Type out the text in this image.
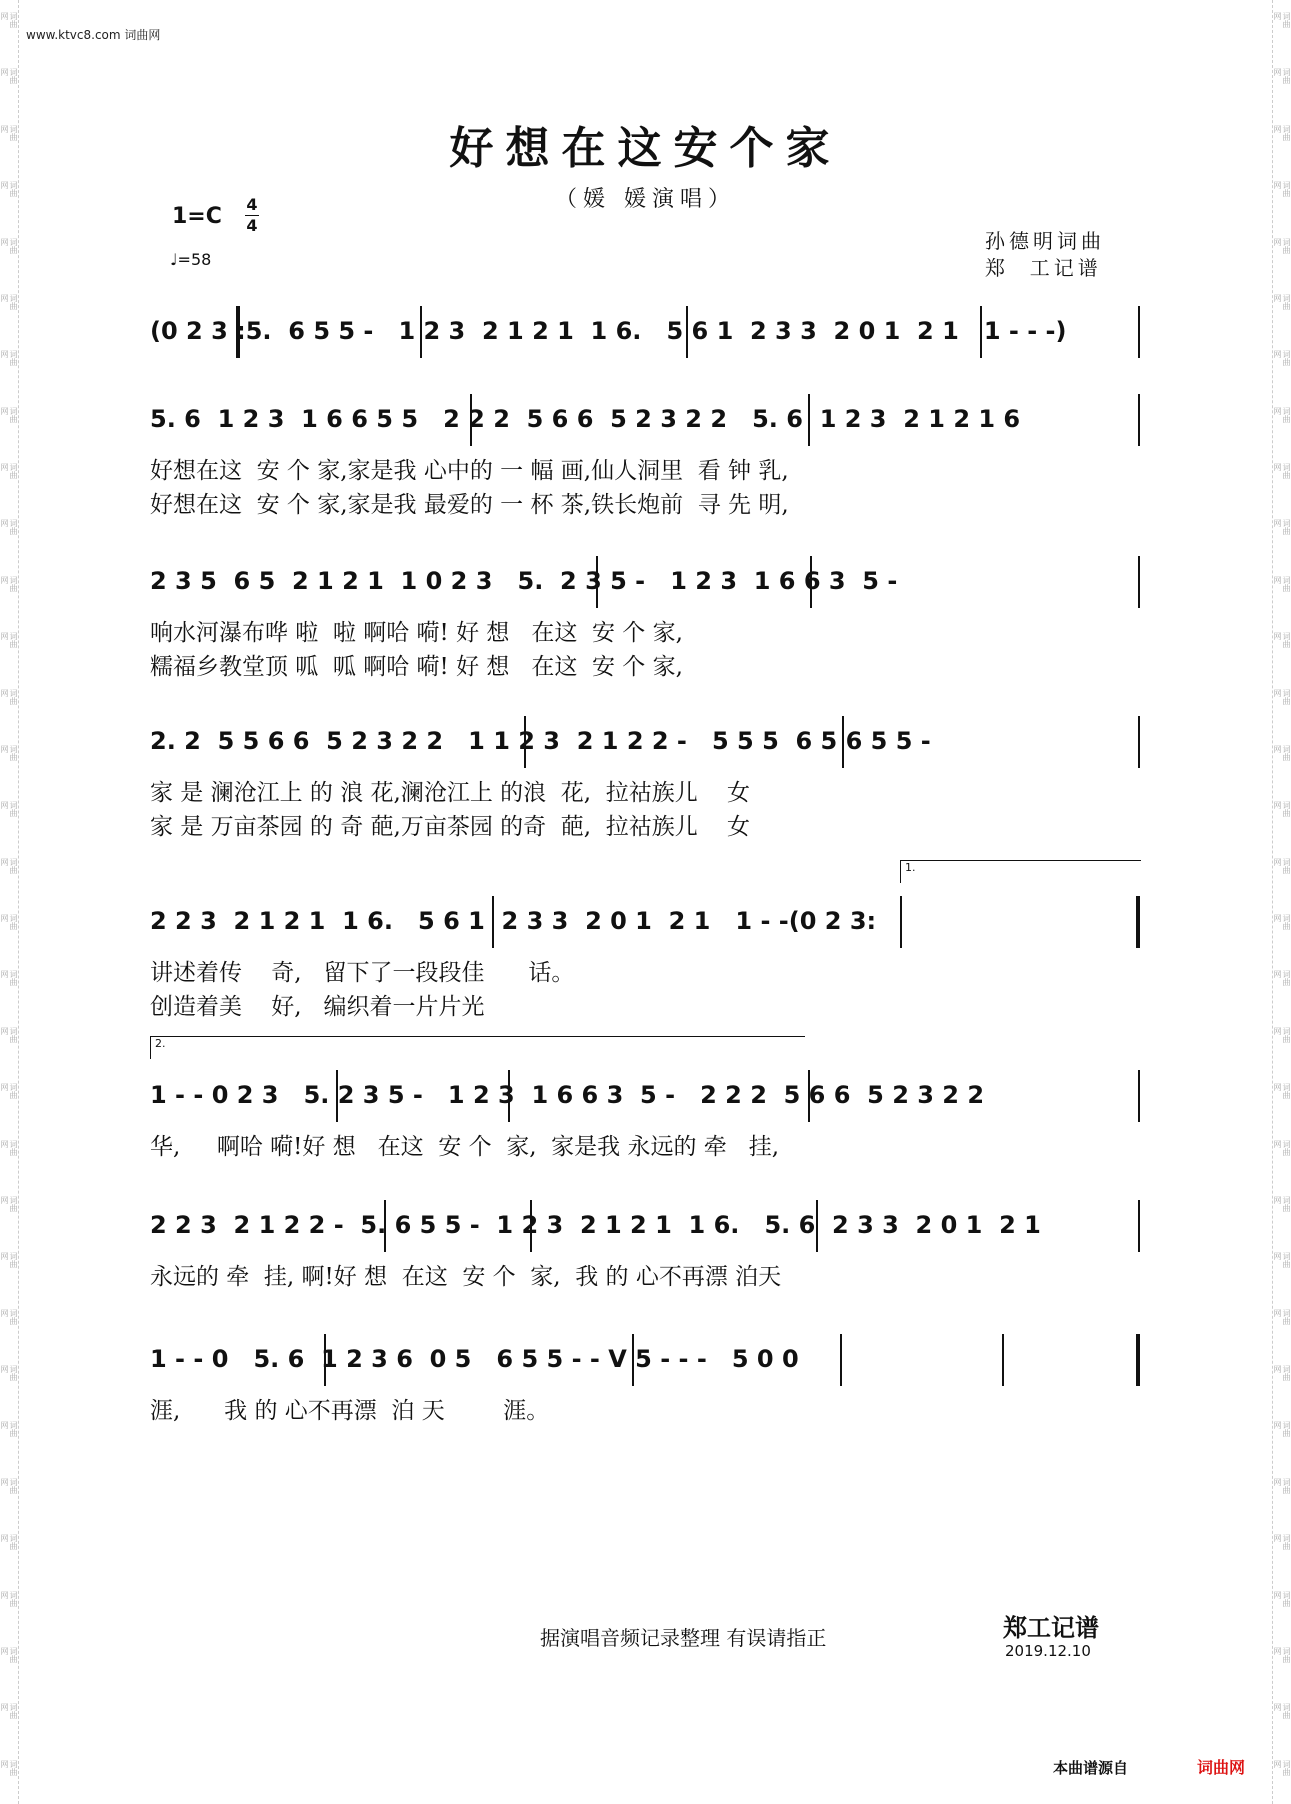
词曲网
词曲网
词曲网
词曲网
词曲网
词曲网
词曲网
词曲网
词曲网
词曲网
词曲网
词曲网
词曲网
词曲网
词曲网
词曲网
词曲网
词曲网
词曲网
词曲网
词曲网
词曲网
词曲网
词曲网
词曲网
词曲网
词曲网
词曲网
词曲网
词曲网
词曲网
词曲网
词曲网
词曲网
词曲网
词曲网
词曲网
词曲网
词曲网
词曲网
词曲网
词曲网
词曲网
词曲网
词曲网
词曲网
词曲网
词曲网
词曲网
词曲网
词曲网
词曲网
词曲网
词曲网
词曲网
词曲网
词曲网
词曲网
词曲网
词曲网
词曲网
词曲网
词曲网
词曲网
www.ktvc8.com 词曲网
好想在这安个家
（媛 媛演唱）
1=C 4
4
♩=58
孙德明词曲
郑  工记谱
(0 2 3 :5.  6 5 5 -   1 2 3  2 1 2 1  1 6.   5 6 1  2 3 3  2 0 1  2 1   1 - - -)
5. 6  1 2 3  1 6 6 5 5   2 2 2  5 6 6  5 2 3 2 2   5. 6  1 2 3  2 1 2 1 6
好想在这  安 个 家,家是我 心中的 一 幅 画,仙人洞里  看 钟 乳,
好想在这  安 个 家,家是我 最爱的 一 杯 茶,铁长炮前  寻 先 明,
2 3 5  6 5  2 1 2 1  1 0 2 3   5.  2 3 5 -   1 2 3  1 6 6 3  5 -
响水河瀑布哗 啦  啦 啊哈 嗬! 好 想   在这  安 个 家,
糯福乡教堂顶 呱  呱 啊哈 嗬! 好 想   在这  安 个 家,
2. 2  5 5 6 6  5 2 3 2 2   1 1 2 3  2 1 2 2 -   5 5 5  6 5 6 5 5 -
家 是 澜沧江上 的 浪 花,澜沧江上 的浪  花,  拉祜族儿    女
家 是 万亩茶园 的 奇 葩,万亩茶园 的奇  葩,  拉祜族儿    女
1.
2 2 3  2 1 2 1  1 6.   5 6 1  2 3 3  2 0 1  2 1   1 - -(0 2 3:
讲述着传    奇,   留下了一段段佳      话。
创造着美    好,   编织着一片片光
2.
1 - - 0 2 3   5. 2 3 5 -   1 2 3  1 6 6 3  5 -   2 2 2  5 6 6  5 2 3 2 2
华,     啊哈 嗬!好 想   在这  安 个  家,  家是我 永远的 牵   挂,
2 2 3  2 1 2 2 -  5. 6 5 5 -  1 2 3  2 1 2 1  1 6.   5. 6  2 3 3  2 0 1  2 1
永远的 牵  挂, 啊!好 想  在这  安 个  家,  我 的 心不再漂 泊天
1 - - 0   5. 6  1 2 3 6  0 5   6 5 5 - - V 5 - - -   5 0 0
涯,      我 的 心不再漂  泊 天        涯。
据演唱音频记录整理 有误请指正	郑工记谱
2019.12.10
本曲谱源自	词曲网
